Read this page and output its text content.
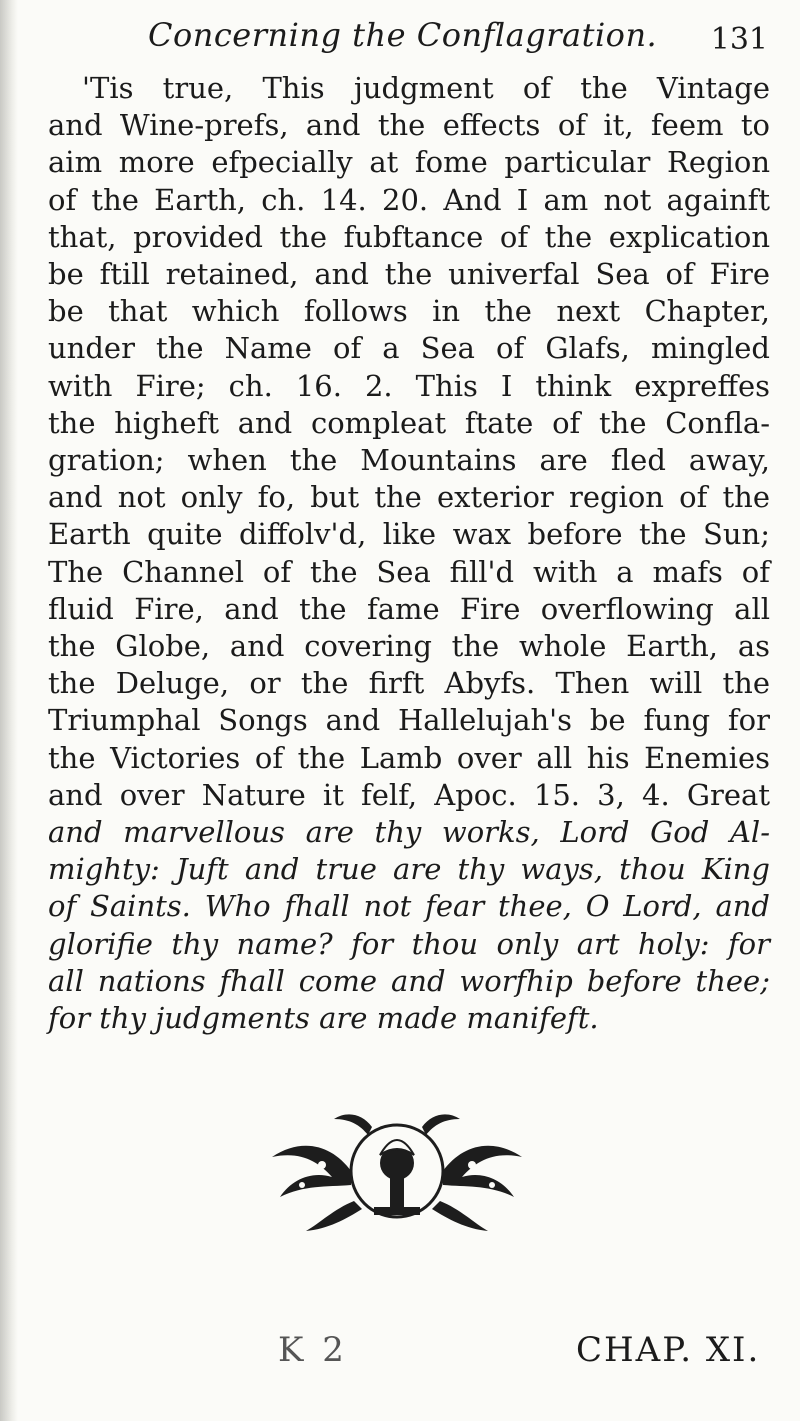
Concerning the Conflagration. 131
'Tis true, This judgment of the Vintage
and Wine-prefs, and the effects of it, feem to
aim more efpecially at fome particular Region
of the Earth, ch. 14. 20. And I am not againft
that, provided the fubftance of the explication
be ftill retained, and the univerfal Sea of Fire
be that which follows in the next Chapter,
under the Name of a Sea of Glafs, mingled
with Fire; ch. 16. 2. This I think expreffes
the higheft and compleat ftate of the Confla-
gration; when the Mountains are fled away,
and not only fo, but the exterior region of the
Earth quite diffolv'd, like wax before the Sun;
The Channel of the Sea fill'd with a mafs of
fluid Fire, and the fame Fire overflowing all
the Globe, and covering the whole Earth, as
the Deluge, or the firft Abyfs. Then will the
Triumphal Songs and Hallelujah's be fung for
the Victories of the Lamb over all his Enemies
and over Nature it felf, Apoc. 15. 3, 4. Great
and marvellous are thy works, Lord God Al-
mighty: Juft and true are thy ways, thou King
of Saints. Who fhall not fear thee, O Lord, and
glorifie thy name? for thou only art holy: for
all nations fhall come and worfhip before thee;
for thy judgments are made manifeft.
K 2	CHAP. XI.
